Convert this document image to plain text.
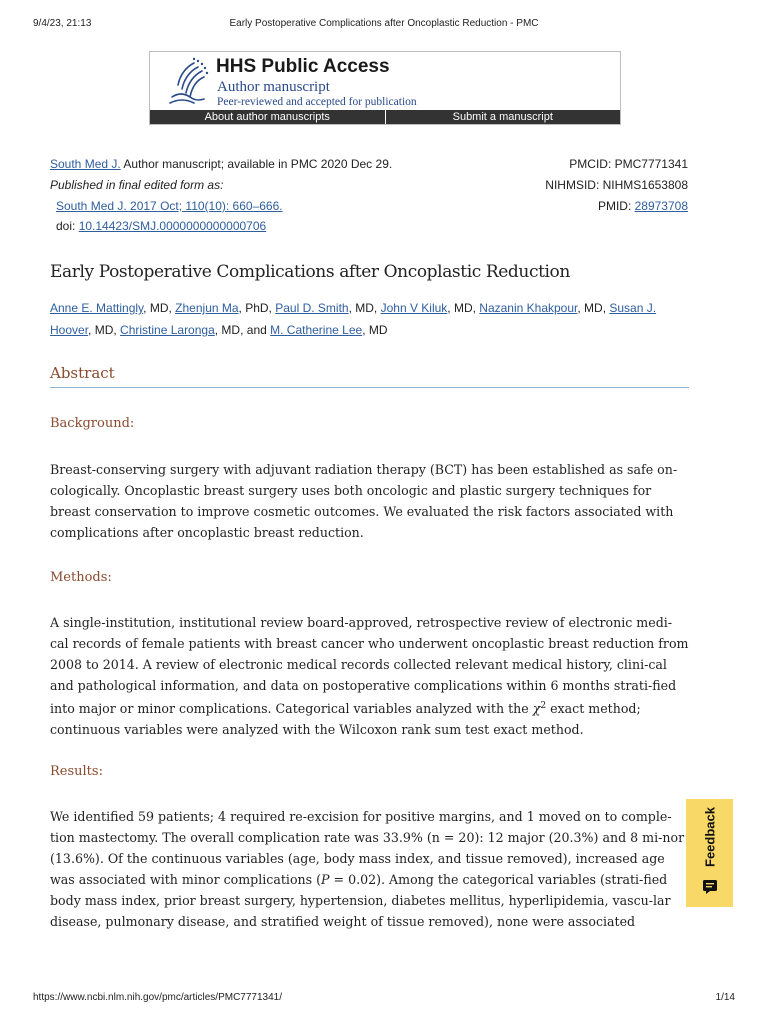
9/4/23, 21:13	Early Postoperative Complications after Oncoplastic Reduction - PMC
HHS Public Access
Author manuscript
Peer-reviewed and accepted for publication
About author manuscripts	Submit a manuscript
South Med J. Author manuscript; available in PMC 2020 Dec 29.	PMCID: PMC7771341
Published in final edited form as:	NIHMSID: NIHMS1653808
South Med J. 2017 Oct; 110(10): 660–666.	PMID: 28973708
doi: 10.14423/SMJ.0000000000000706
Early Postoperative Complications after Oncoplastic Reduction
Anne E. Mattingly, MD, Zhenjun Ma, PhD, Paul D. Smith, MD, John V Kiluk, MD, Nazanin Khakpour, MD, Susan J. Hoover, MD, Christine Laronga, MD, and M. Catherine Lee, MD
Abstract
Background:
Breast-conserving surgery with adjuvant radiation therapy (BCT) has been established as safe on-cologically. Oncoplastic breast surgery uses both oncologic and plastic surgery techniques for breast conservation to improve cosmetic outcomes. We evaluated the risk factors associated with complications after oncoplastic breast reduction.
Methods:
A single-institution, institutional review board-approved, retrospective review of electronic medi-cal records of female patients with breast cancer who underwent oncoplastic breast reduction from 2008 to 2014. A review of electronic medical records collected relevant medical history, clini-cal and pathological information, and data on postoperative complications within 6 months strati-fied into major or minor complications. Categorical variables analyzed with the $\chi^2$ exact method; continuous variables were analyzed with the Wilcoxon rank sum test exact method.
Results:
We identified 59 patients; 4 required re-excision for positive margins, and 1 moved on to comple-tion mastectomy. The overall complication rate was 33.9% (n = 20): 12 major (20.3%) and 8 mi-nor (13.6%). Of the continuous variables (age, body mass index, and tissue removed), increased age was associated with minor complications (P = 0.02). Among the categorical variables (strati-fied body mass index, prior breast surgery, hypertension, diabetes mellitus, hyperlipidemia, vascu-lar disease, pulmonary disease, and stratified weight of tissue removed), none were associated
Feedback
https://www.ncbi.nlm.nih.gov/pmc/articles/PMC7771341/	1/14
